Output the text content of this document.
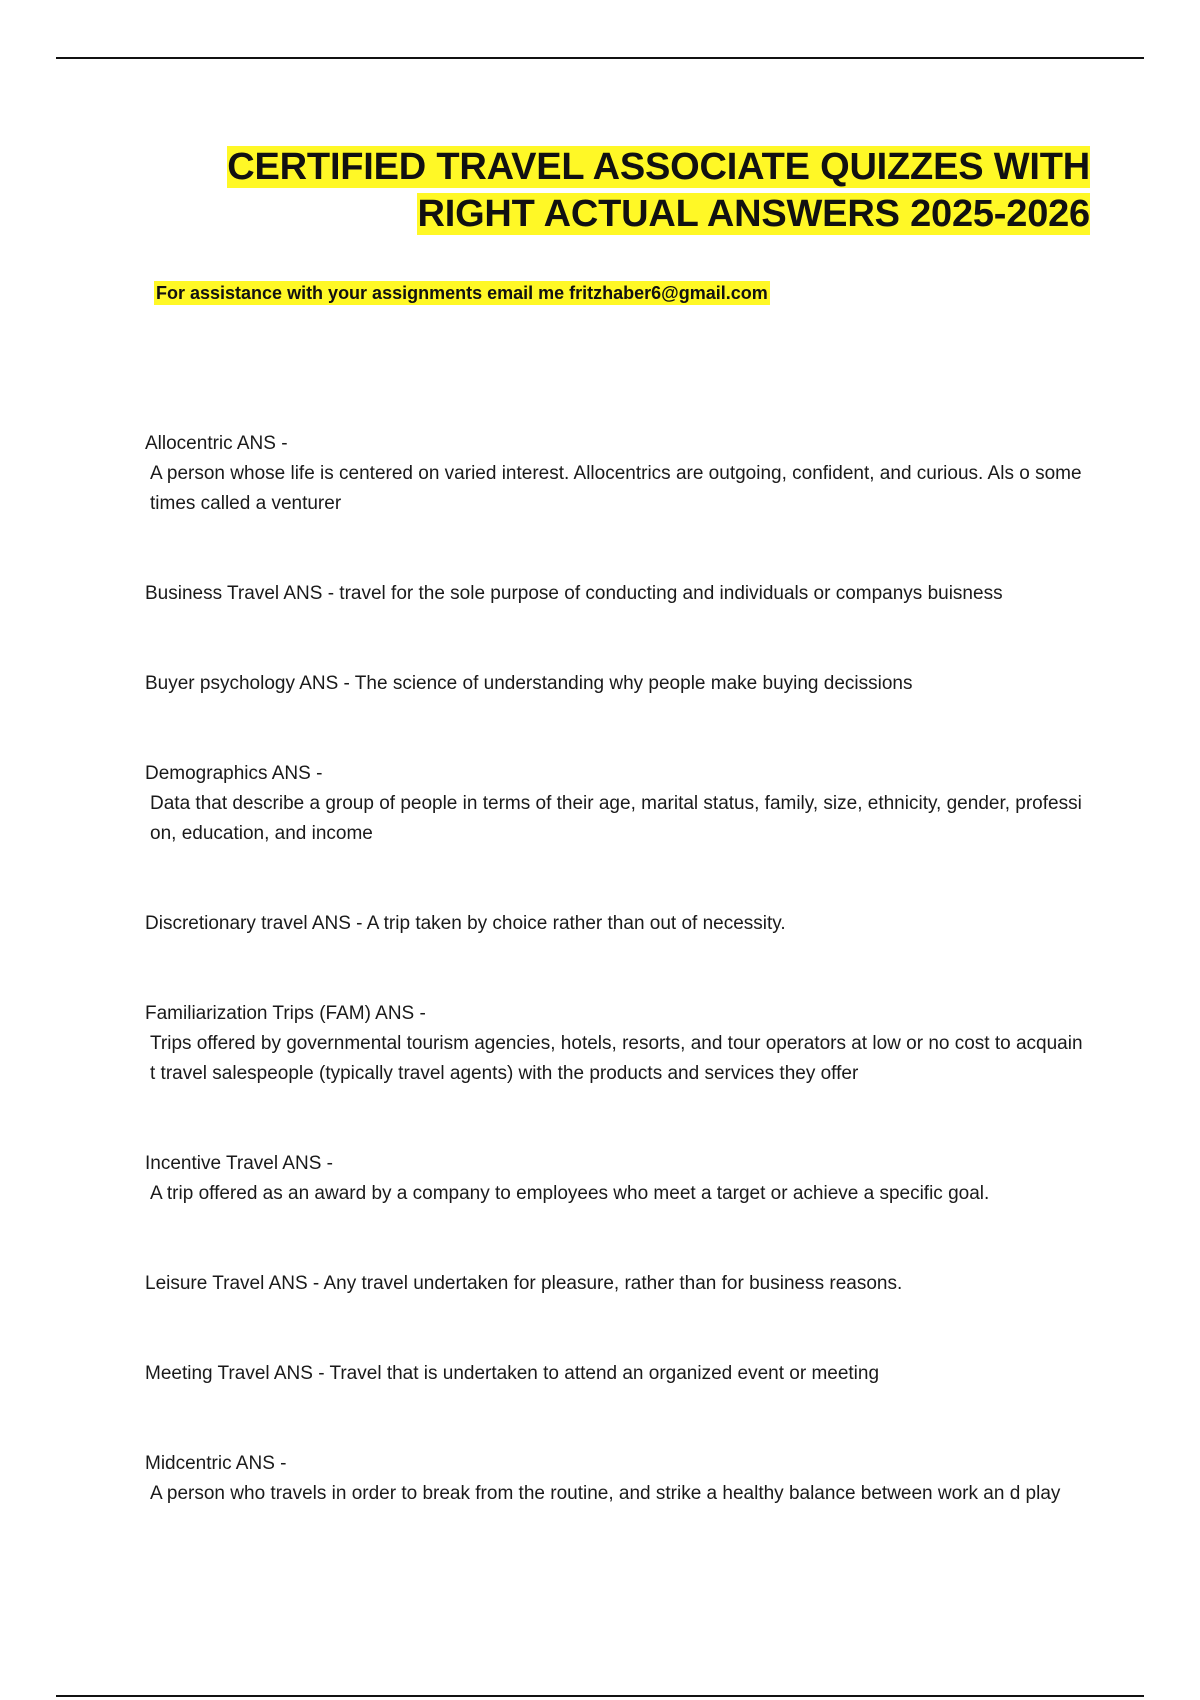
CERTIFIED TRAVEL ASSOCIATE QUIZZES WITH
RIGHT ACTUAL ANSWERS 2025-2026

For assistance with your assignments email me fritzhaber6@gmail.com

Allocentric ANS -
A person whose life is centered on varied interest. Allocentrics are outgoing, confident, and curious. Als o sometimes called a venturer
Business Travel ANS - travel for the sole purpose of conducting and individuals or companys buisness
Buyer psychology ANS - The science of understanding why people make buying decissions
Demographics ANS -
Data that describe a group of people in terms of their age, marital status, family, size, ethnicity, gender, profession, education, and income
Discretionary travel ANS - A trip taken by choice rather than out of necessity.
Familiarization Trips (FAM) ANS -
Trips offered by governmental tourism agencies, hotels, resorts, and tour operators at low or no cost to acquaint travel salespeople (typically travel agents) with the products and services they offer
Incentive Travel ANS -
A trip offered as an award by a company to employees who meet a target or achieve a specific goal.
Leisure Travel ANS - Any travel undertaken for pleasure, rather than for business reasons.
Meeting Travel ANS - Travel that is undertaken to attend an organized event or meeting
Midcentric ANS -
A person who travels in order to break from the routine, and strike a healthy balance between work an d play
